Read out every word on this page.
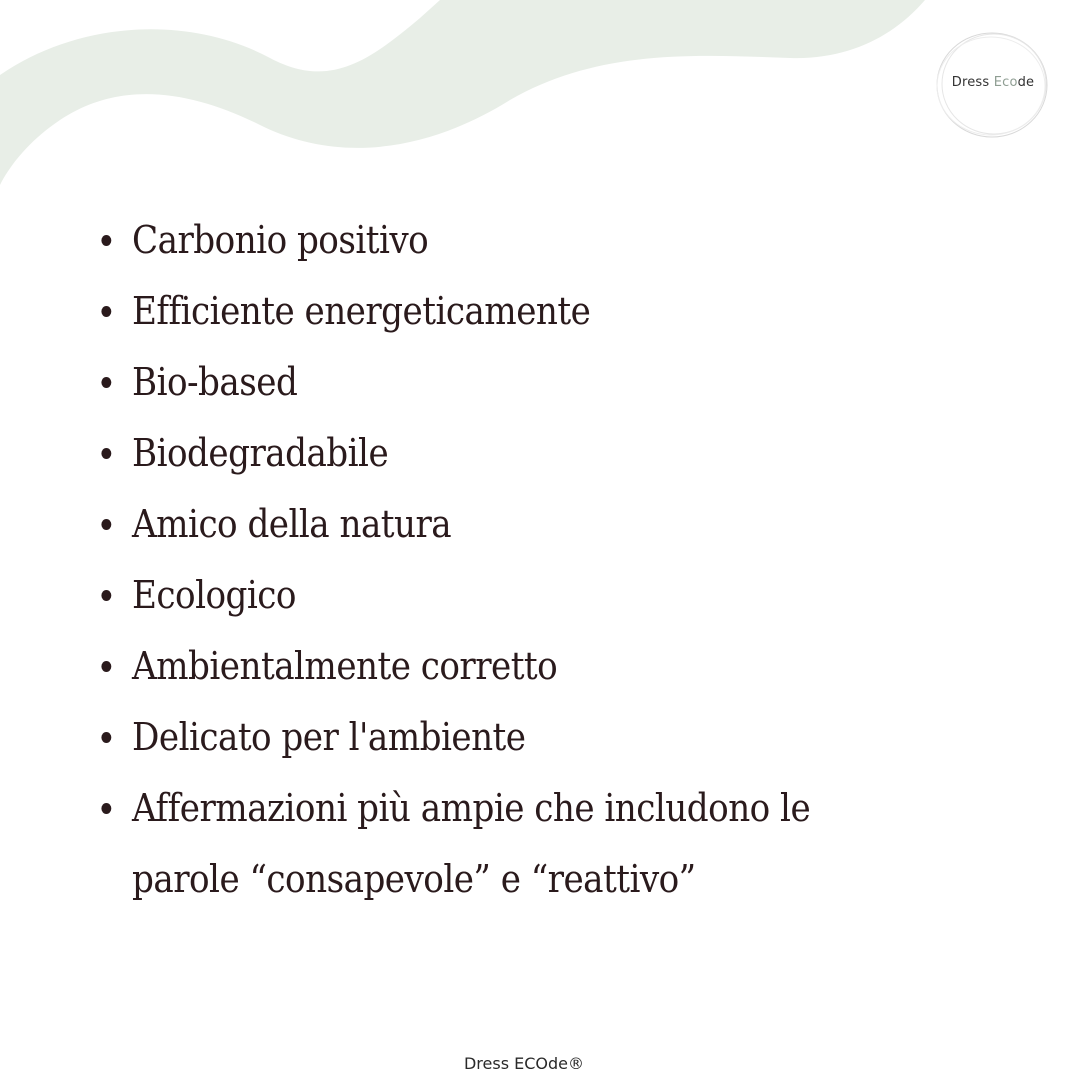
Dress Ecode
Carbonio positivo
Efficiente energeticamente
Bio-based
Biodegradabile
Amico della natura
Ecologico
Ambientalmente corretto
Delicato per l'ambiente
Affermazioni più ampie che includono le parole “consapevole” e “reattivo”
Dress ECOde®
